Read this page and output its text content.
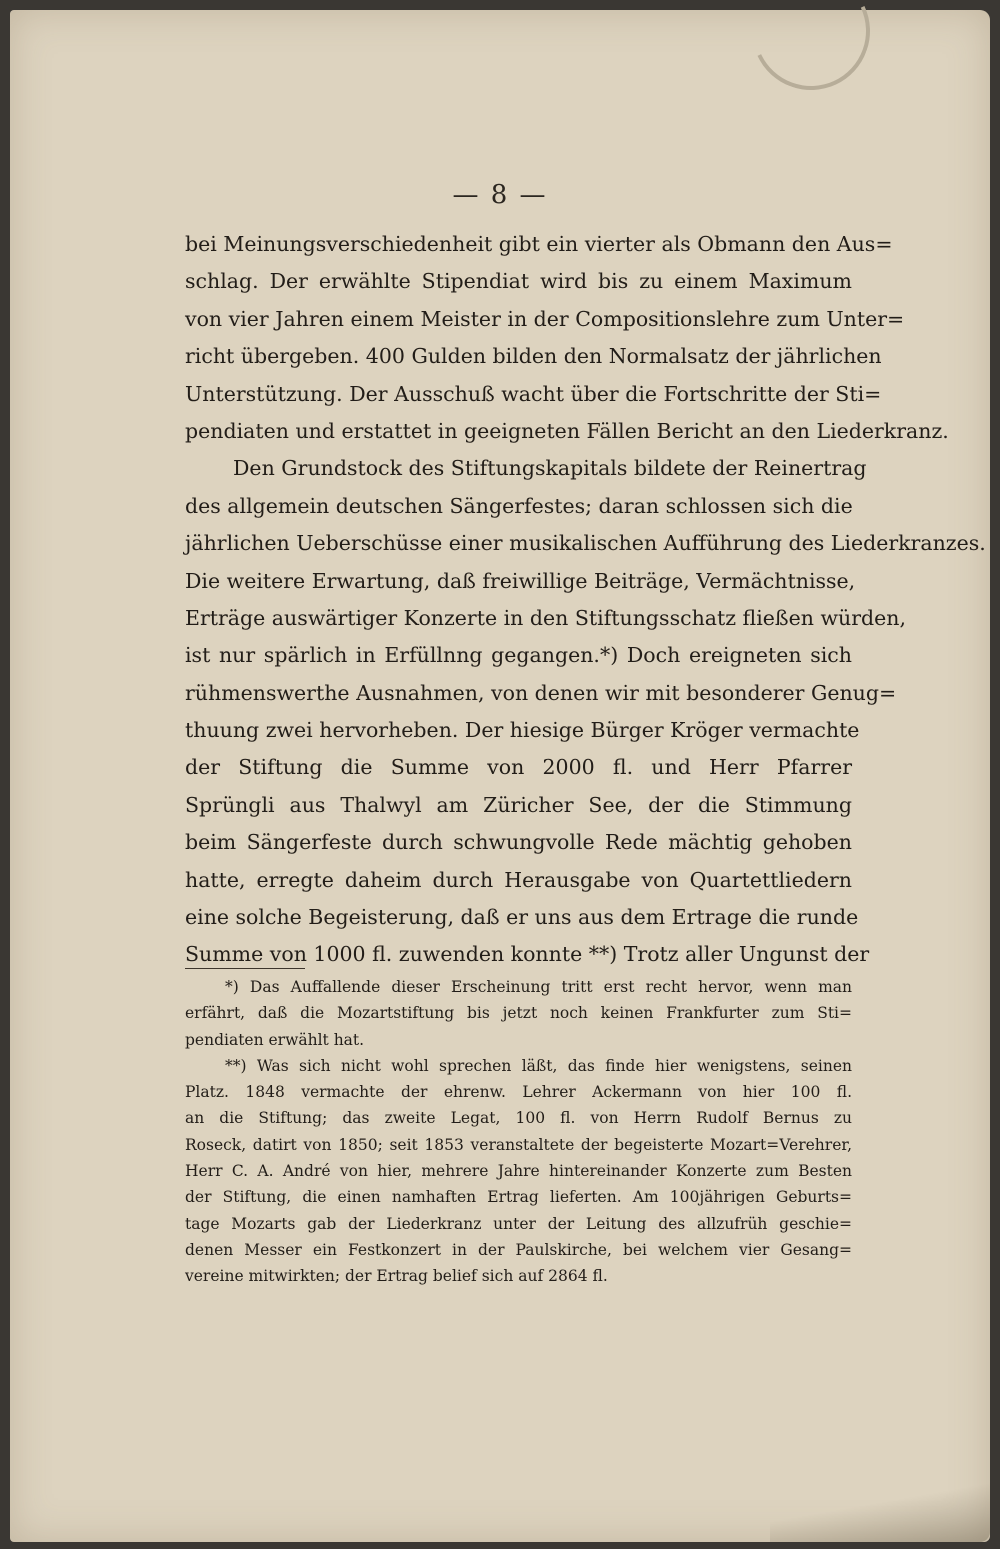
— 8 —
bei Meinungsverschiedenheit gibt ein vierter als Obmann den Aus=
schlag. Der erwählte Stipendiat wird bis zu einem Maximum
von vier Jahren einem Meister in der Compositionslehre zum Unter=
richt übergeben. 400 Gulden bilden den Normalsatz der jährlichen
Unterstützung. Der Ausschuß wacht über die Fortschritte der Sti=
pendiaten und erstattet in geeigneten Fällen Bericht an den Liederkranz.
Den Grundstock des Stiftungskapitals bildete der Reinertrag
des allgemein deutschen Sängerfestes; daran schlossen sich die
jährlichen Ueberschüsse einer musikalischen Aufführung des Liederkranzes.
Die weitere Erwartung, daß freiwillige Beiträge, Vermächtnisse,
Erträge auswärtiger Konzerte in den Stiftungsschatz fließen würden,
ist nur spärlich in Erfüllnng gegangen.*) Doch ereigneten sich
rühmenswerthe Ausnahmen, von denen wir mit besonderer Genug=
thuung zwei hervorheben. Der hiesige Bürger Kröger vermachte
der Stiftung die Summe von 2000 fl. und Herr Pfarrer
Sprüngli aus Thalwyl am Züricher See, der die Stimmung
beim Sängerfeste durch schwungvolle Rede mächtig gehoben
hatte, erregte daheim durch Herausgabe von Quartettliedern
eine solche Begeisterung, daß er uns aus dem Ertrage die runde
Summe von 1000 fl. zuwenden konnte **) Trotz aller Ungunst der
*) Das Auffallende dieser Erscheinung tritt erst recht hervor, wenn man
erfährt, daß die Mozartstiftung bis jetzt noch keinen Frankfurter zum Sti=
pendiaten erwählt hat.
**) Was sich nicht wohl sprechen läßt, das finde hier wenigstens, seinen
Platz. 1848 vermachte der ehrenw. Lehrer Ackermann von hier 100 fl.
an die Stiftung; das zweite Legat, 100 fl. von Herrn Rudolf Bernus zu
Roseck, datirt von 1850; seit 1853 veranstaltete der begeisterte Mozart=Verehrer,
Herr C. A. André von hier, mehrere Jahre hintereinander Konzerte zum Besten
der Stiftung, die einen namhaften Ertrag lieferten. Am 100jährigen Geburts=
tage Mozarts gab der Liederkranz unter der Leitung des allzufrüh geschie=
denen Messer ein Festkonzert in der Paulskirche, bei welchem vier Gesang=
vereine mitwirkten; der Ertrag belief sich auf 2864 fl.
